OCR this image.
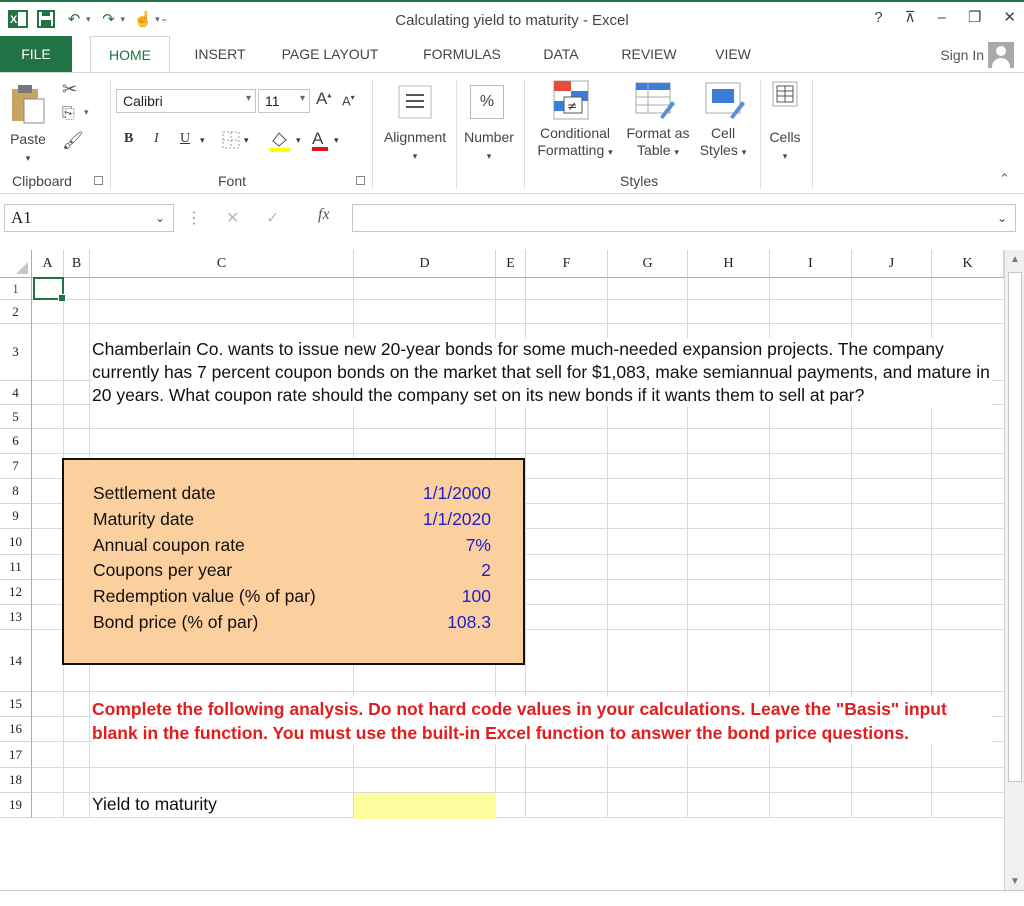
X	↶ ▾ ↷ ▾ ☝ ▾ ⩦	Calculating yield to maturity - Excel	? ⊼ – ❐ ✕
FILE	HOME	INSERT	PAGE LAYOUT	FORMULAS	DATA	REVIEW	VIEW	Sign In
Paste
▾
✂
⎘ ▾
🖌
Clipboard
Calibri	▾	11 ▾ A▴ A▾
B I U ▾	▾	▾ A	▾
Font
Alignment
▾
%
Number
▾
≠
Conditional
Formatting ▾
Format as
Table ▾
Cell
Styles ▾
Styles
Cells
▾
⌃
A1	⌄ ⋮ ✕ ✓ fx	⌄
A	B	C	D	E	F	G	H	I	J	K
1
2
3
4
5
6
7
8
9
10
11
12
13
14
15
16
17
18
19
Chamberlain Co. wants to issue new 20-year bonds for some much-needed expansion projects. The company currently has 7 percent coupon bonds on the market that sell for $1,083, make semiannual payments, and mature in 20 years. What coupon rate should the company set on its new bonds if it wants them to sell at par?
Settlement date	1/1/2000
Maturity date	1/1/2020
Annual coupon rate	7%
Coupons per year	2
Redemption value (% of par)	100
Bond price (% of par)	108.3
Complete the following analysis. Do not hard code values in your calculations. Leave the "Basis" input blank in the function. You must use the built-in Excel function to answer the bond price questions.
Yield to maturity
▲
▼
